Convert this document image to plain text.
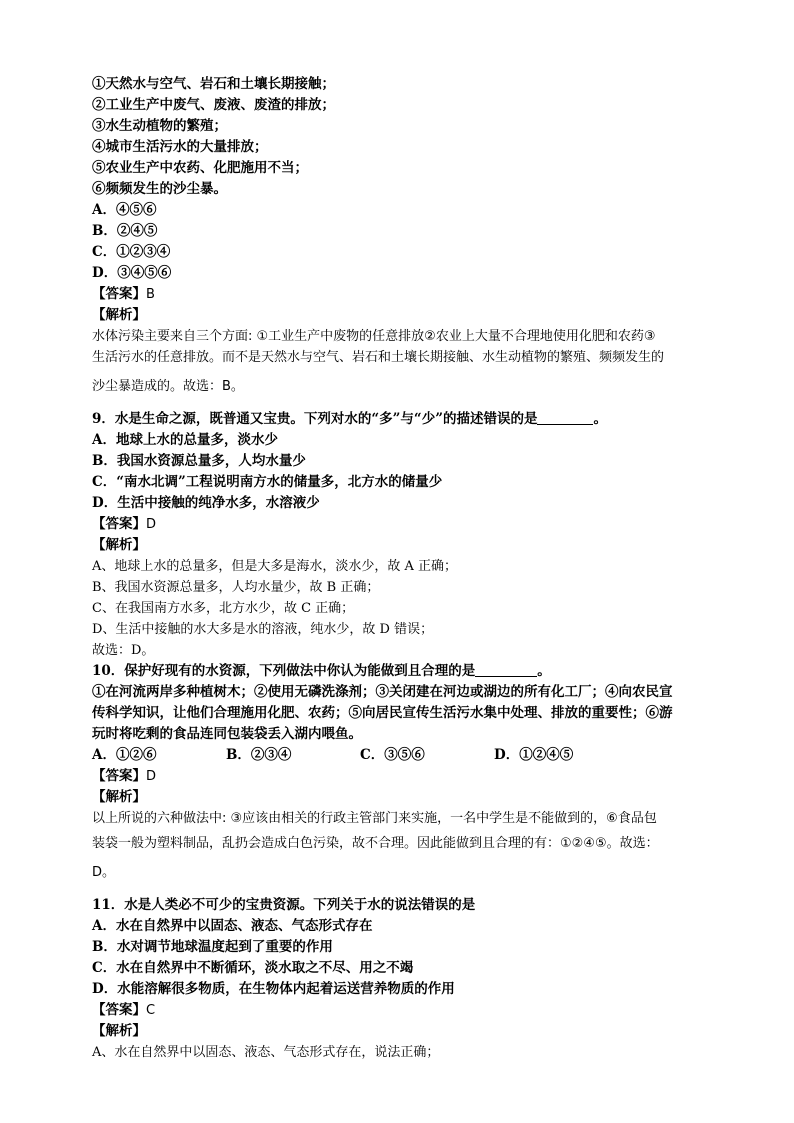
①天然水与空气、岩石和土壤长期接触；
②工业生产中废气、废液、废渣的排放；
③水生动植物的繁殖；
④城市生活污水的大量排放；
⑤农业生产中农药、化肥施用不当；
⑥频频发生的沙尘暴。
A．④⑤⑥
B．②④⑤
C．①②③④
D．③④⑤⑥
【答案】B
【解析】
水体污染主要来自三个方面: ①工业生产中废物的任意排放②农业上大量不合理地使用化肥和农药③
生活污水的任意排放。而不是天然水与空气、岩石和土壤长期接触、水生动植物的繁殖、频频发生的
沙尘暴造成的。故选：B。
9．水是生命之源，既普通又宝贵。下列对水的“多”与“少”的描述错误的是	。
A．地球上水的总量多，淡水少
B．我国水资源总量多，人均水量少
C．“南水北调”工程说明南方水的储量多，北方水的储量少
D．生活中接触的纯净水多，水溶液少
【答案】D
【解析】
A、地球上水的总量多，但是大多是海水，淡水少，故 A 正确；
B、我国水资源总量多，人均水量少，故 B 正确；
C、在我国南方水多，北方水少，故 C 正确；
D、生活中接触的水大多是水的溶液，纯水少，故 D 错误；
故选：D。
10．保护好现有的水资源，下列做法中你认为能做到且合理的是	。
①在河流两岸多种植树木；②使用无磷洗涤剂；③关闭建在河边或湖边的所有化工厂；④向农民宣
传科学知识，让他们合理施用化肥、农药；⑤向居民宣传生活污水集中处理、排放的重要性；⑥游
玩时将吃剩的食品连同包装袋丢入湖内喂鱼。
A．①②⑥	B．②③④	C．③⑤⑥	D．①②④⑤
【答案】D
【解析】
以上所说的六种做法中: ③应该由相关的行政主管部门来实施，一名中学生是不能做到的，⑥食品包
装袋一般为塑料制品，乱扔会造成白色污染，故不合理。因此能做到且合理的有：①②④⑤。故选：
D。
11．水是人类必不可少的宝贵资源。下列关于水的说法错误的是
A．水在自然界中以固态、液态、气态形式存在
B．水对调节地球温度起到了重要的作用
C．水在自然界中不断循环，淡水取之不尽、用之不竭
D．水能溶解很多物质，在生物体内起着运送营养物质的作用
【答案】C
【解析】
A、水在自然界中以固态、液态、气态形式存在，说法正确；
